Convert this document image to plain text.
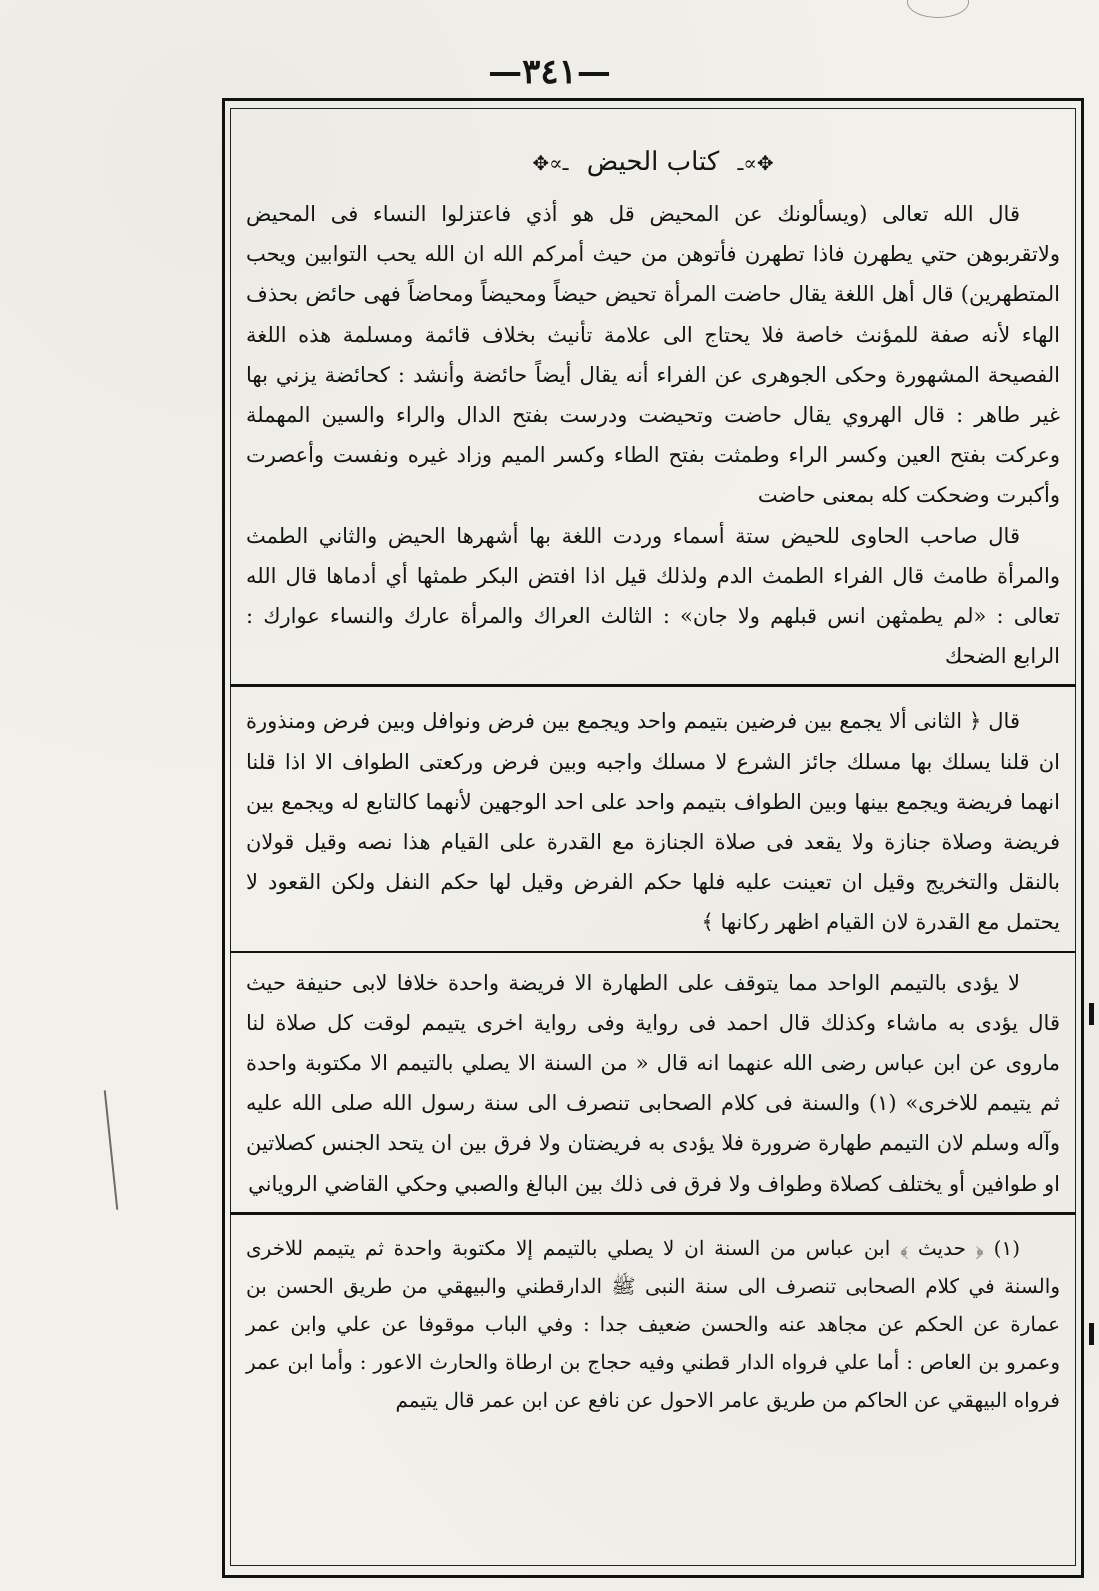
—٣٤١—
✥∝ـ كتاب الحيض ـ∝✥

قال الله تعالى (ويسألونك عن المحيض قل هو أذي فاعتزلوا النساء فى المحيض ولاتقربوهن حتي يطهرن فاذا تطهرن فأتوهن من حيث أمركم الله ان الله يحب التوابين ويحب المتطهرين) قال أهل اللغة يقال حاضت المرأة تحيض حيضاً ومحيضاً ومحاضاً فهى حائض بحذف الهاء لأنه صفة للمؤنث خاصة فلا يحتاج الى علامة تأنيث بخلاف قائمة ومسلمة هذه اللغة الفصيحة المشهورة وحكى الجوهرى عن الفراء أنه يقال أيضاً حائضة وأنشد : كحائضة يزني بها غير طاهر : قال الهروي يقال حاضت وتحيضت ودرست بفتح الدال والراء والسين المهملة وعركت بفتح العين وكسر الراء وطمثت بفتح الطاء وكسر الميم وزاد غيره ونفست وأعصرت وأكبرت وضحكت كله بمعنى حاضت

قال صاحب الحاوى للحيض ستة أسماء وردت اللغة بها أشهرها الحيض والثاني الطمث والمرأة طامث قال الفراء الطمث الدم ولذلك قيل اذا افتض البكر طمثها أي أدماها قال الله تعالى : «لم يطمثهن انس قبلهم ولا جان» : الثالث العراك والمرأة عارك والنساء عوارك : الرابع الضحك

قال ﴿ الثانى ألا يجمع بين فرضين بتيمم واحد ويجمع بين فرض ونوافل وبين فرض ومنذورة ان قلنا يسلك بها مسلك جائز الشرع لا مسلك واجبه وبين فرض وركعتى الطواف الا اذا قلنا انهما فريضة ويجمع بينها وبين الطواف بتيمم واحد على احد الوجهين لأنهما كالتابع له ويجمع بين فريضة وصلاة جنازة ولا يقعد فى صلاة الجنازة مع القدرة على القيام هذا نصه وقيل قولان بالنقل والتخريج وقيل ان تعينت عليه فلها حكم الفرض وقيل لها حكم النفل ولكن القعود لا يحتمل مع القدرة لان القيام اظهر ركانها ﴾

لا يؤدى بالتيمم الواحد مما يتوقف على الطهارة الا فريضة واحدة خلافا لابى حنيفة حيث قال يؤدى به ماشاء وكذلك قال احمد فى رواية وفى رواية اخرى يتيمم لوقت كل صلاة لنا ماروى عن ابن عباس رضى الله عنهما انه قال « من السنة الا يصلي بالتيمم الا مكتوبة واحدة ثم يتيمم للاخرى» (١) والسنة فى كلام الصحابى تنصرف الى سنة رسول الله صلى الله عليه وآله وسلم لان التيمم طهارة ضرورة فلا يؤدى به فريضتان ولا فرق بين ان يتحد الجنس كصلاتين او طوافين أو يختلف كصلاة وطواف ولا فرق فى ذلك بين البالغ والصبي وحكي القاضي الروياني

(١) ﴿ حديث ﴾ ابن عباس من السنة ان لا يصلي بالتيمم إلا مكتوبة واحدة ثم يتيمم للاخرى والسنة في كلام الصحابى تنصرف الى سنة النبى ﷺ الدارقطني والبيهقي من طريق الحسن بن عمارة عن الحكم عن مجاهد عنه والحسن ضعيف جدا : وفي الباب موقوفا عن علي وابن عمر وعمرو بن العاص : أما علي فرواه الدار قطني وفيه حجاج بن ارطاة والحارث الاعور : وأما ابن عمر فرواه البيهقي عن الحاكم من طريق عامر الاحول عن نافع عن ابن عمر قال يتيمم
